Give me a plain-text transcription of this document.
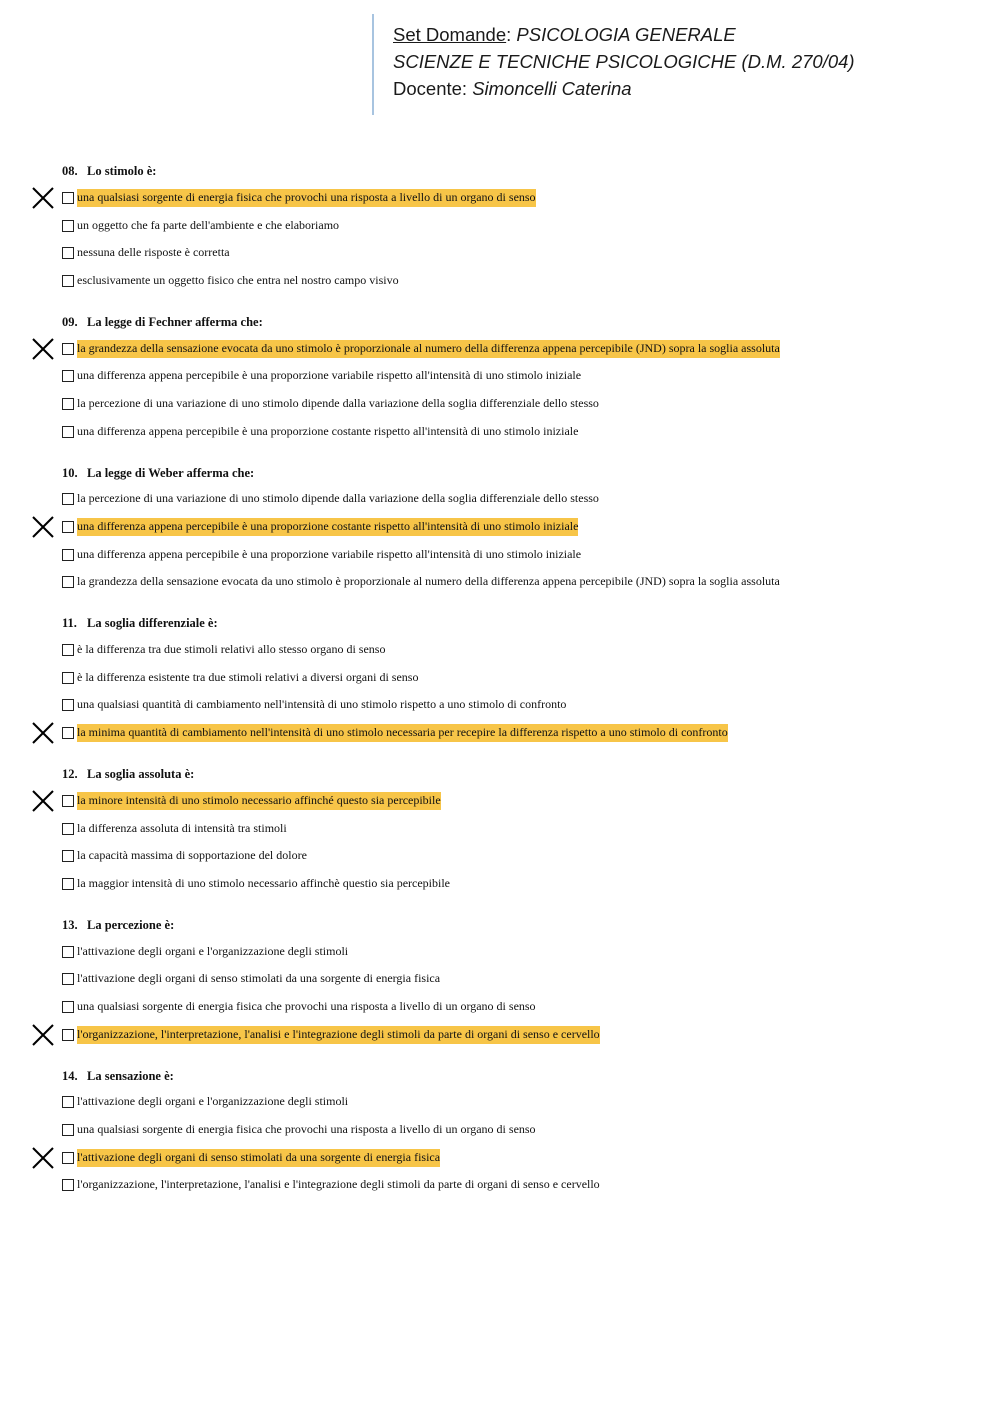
Set Domande: PSICOLOGIA GENERALE
SCIENZE E TECNICHE PSICOLOGICHE (D.M. 270/04)
Docente: Simoncelli Caterina
08. Lo stimolo è:
una qualsiasi sorgente di energia fisica che provochi una risposta a livello di un organo di senso
un oggetto che fa parte dell'ambiente e che elaboriamo
nessuna delle risposte è corretta
esclusivamente un oggetto fisico che entra nel nostro campo visivo
09. La legge di Fechner afferma che:
la grandezza della sensazione evocata da uno stimolo è proporzionale al numero della differenza appena percepibile (JND) sopra la soglia assoluta
una differenza appena percepibile è una proporzione variabile rispetto all'intensità di uno stimolo iniziale
la percezione di una variazione di uno stimolo dipende dalla variazione della soglia differenziale dello stesso
una differenza appena percepibile è una proporzione costante rispetto all'intensità di uno stimolo iniziale
10. La legge di Weber afferma che:
la percezione di una variazione di uno stimolo dipende dalla variazione della soglia differenziale dello stesso
una differenza appena percepibile è una proporzione costante rispetto all'intensità di uno stimolo iniziale
una differenza appena percepibile è una proporzione variabile rispetto all'intensità di uno stimolo iniziale
la grandezza della sensazione evocata da uno stimolo è proporzionale al numero della differenza appena percepibile (JND) sopra la soglia assoluta
11. La soglia differenziale è:
è la differenza tra due stimoli relativi allo stesso organo di senso
è la differenza esistente tra due stimoli relativi a diversi organi di senso
una qualsiasi quantità di cambiamento nell'intensità di uno stimolo rispetto a uno stimolo di confronto
la minima quantità di cambiamento nell'intensità di uno stimolo necessaria per recepire la differenza rispetto a uno stimolo di confronto
12. La soglia assoluta è:
la minore intensità di uno stimolo necessario affinché questo sia percepibile
la differenza assoluta di intensità tra stimoli
la capacità massima di sopportazione del dolore
la maggior intensità di uno stimolo necessario affinchè questio sia percepibile
13. La percezione è:
l'attivazione degli organi e l'organizzazione degli stimoli
l'attivazione degli organi di senso stimolati da una sorgente di energia fisica
una qualsiasi sorgente di energia fisica che provochi una risposta a livello di un organo di senso
l'organizzazione, l'interpretazione, l'analisi e l'integrazione degli stimoli da parte di organi di senso e cervello
14. La sensazione è:
l'attivazione degli organi e l'organizzazione degli stimoli
una qualsiasi sorgente di energia fisica che provochi una risposta a livello di un organo di senso
l'attivazione degli organi di senso stimolati da una sorgente di energia fisica
l'organizzazione, l'interpretazione, l'analisi e l'integrazione degli stimoli da parte di organi di senso e cervello
